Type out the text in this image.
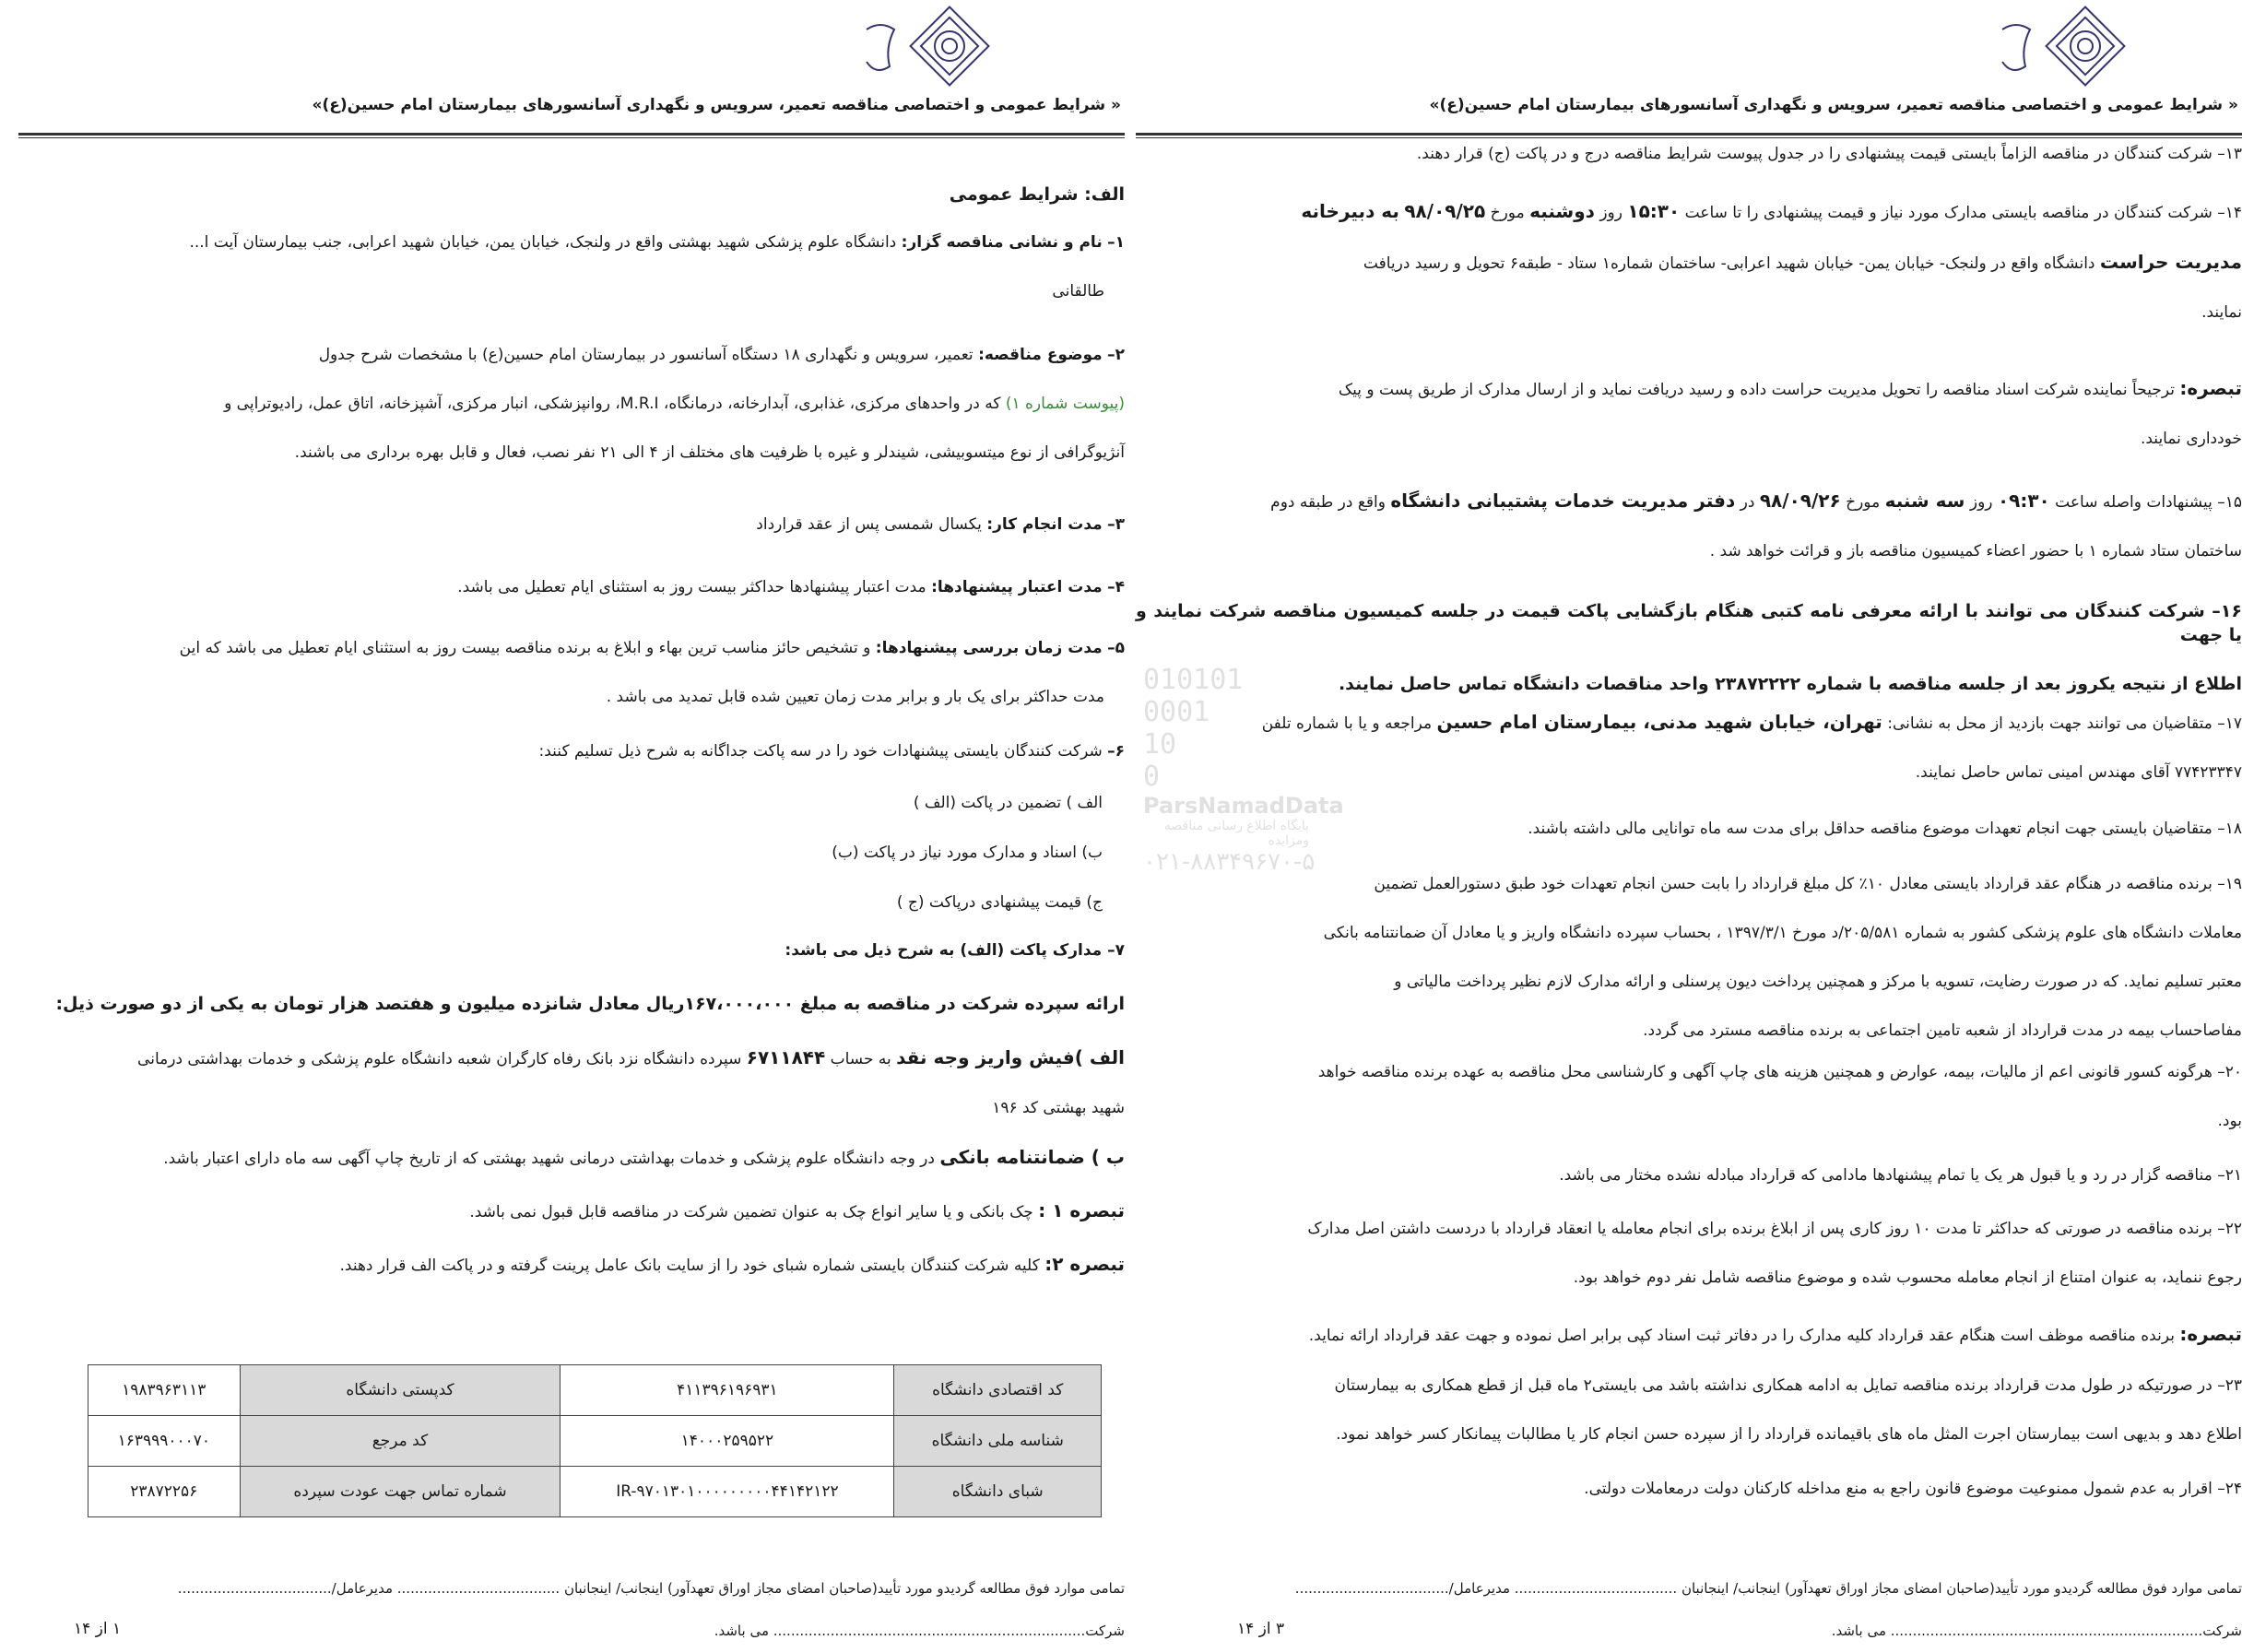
« شرایط عمومی و اختصاصی مناقصه تعمیر، سرویس و نگهداری آسانسورهای بیمارستان امام حسین(ع)»
الف: شرایط عمومی
۱– نام و نشانی مناقصه گزار: دانشگاه علوم پزشکی شهید بهشتی واقع در ولنجک، خیابان یمن، خیابان شهید اعرابی، جنب بیمارستان آیت ا...
طالقانی
۲– موضوع مناقصه: تعمیر، سرویس و نگهداری ۱۸ دستگاه آسانسور در بیمارستان امام حسین(ع) با مشخصات شرح جدول
(پیوست شماره ۱) که در واحدهای مرکزی، غذابری، آبدارخانه، درمانگاه، M.R.I، روانپزشکی، انبار مرکزی، آشپزخانه، اتاق عمل، رادیوتراپی و
آنژیوگرافی از نوع میتسوبیشی، شیندلر و غیره با ظرفیت های مختلف از ۴ الی ۲۱ نفر نصب، فعال و قابل بهره برداری می باشند.
۳– مدت انجام کار: یکسال شمسی پس از عقد قرارداد
۴– مدت اعتبار پیشنهادها: مدت اعتبار پیشنهادها حداکثر بیست روز به استثنای ایام تعطیل می باشد.
۵– مدت زمان بررسی پیشنهادها: و تشخیص حائز مناسب ترین بهاء و ابلاغ به برنده مناقصه بیست روز به استثنای ایام تعطیل می باشد که این
مدت حداکثر برای یک بار و برابر مدت زمان تعیین شده قابل تمدید می باشد .
۶– شرکت کنندگان بایستی پیشنهادات خود را در سه پاکت جداگانه به شرح ذیل تسلیم کنند:
الف ) تضمین در پاکت (الف )
ب) اسناد و مدارک مورد نیاز در پاکت (ب)
ج) قیمت پیشنهادی درپاکت (ج )
۷– مدارک پاکت (الف) به شرح ذیل می باشد:
ارائه سپرده شرکت در مناقصه به مبلغ ۱۶۷،۰۰۰،۰۰۰ریال معادل شانزده میلیون و هفتصد هزار تومان به یکی از دو صورت ذیل:
الف )فیش واریز وجه نقد به حساب ۶۷۱۱۸۴۴ سپرده دانشگاه نزد بانک رفاه کارگران شعبه دانشگاه علوم پزشکی و خدمات بهداشتی درمانی
شهید بهشتی کد ۱۹۶
ب ) ضمانتنامه بانکی در وجه دانشگاه علوم پزشکی و خدمات بهداشتی درمانی شهید بهشتی که از تاریخ چاپ آگهی سه ماه دارای اعتبار باشد.
تبصره ۱ : چک بانکی و یا سایر انواع چک به عنوان تضمین شرکت در مناقصه قابل قبول نمی باشد.
تبصره ۲: کلیه شرکت کنندگان بایستی شماره شبای خود را از سایت بانک عامل پرینت گرفته و در پاکت الف قرار دهند.
کد اقتصادی دانشگاه	۴۱۱۳۹۶۱۹۶۹۳۱	کدپستی دانشگاه	۱۹۸۳۹۶۳۱۱۳
شناسه ملی دانشگاه	۱۴۰۰۰۲۵۹۵۲۲	کد مرجع	۱۶۳۹۹۹۰۰۰۷۰
شبای دانشگاه	IR-۹۷۰۱۳۰۱۰۰۰۰۰۰۰۰۰۴۴۱۴۲۱۲۲	شماره تماس جهت عودت سپرده	۲۳۸۷۲۲۵۶
تمامی موارد فوق مطالعه گردیدو مورد تأیید(صاحبان امضای مجاز اوراق تعهدآور) اینجانب/ اینجانبان ..................................... مدیرعامل/...................................
شرکت....................................................................... می باشد.
۱ از ۱۴
« شرایط عمومی و اختصاصی مناقصه تعمیر، سرویس و نگهداری آسانسورهای بیمارستان امام حسین(ع)»
۱۳– شرکت کنندگان در مناقصه الزاماً بایستی قیمت پیشنهادی را در جدول پیوست شرایط مناقصه درج و در پاکت (ج) قرار دهند.
۱۴– شرکت کنندگان در مناقصه بایستی مدارک مورد نیاز و قیمت پیشنهادی را تا ساعت ۱۵:۳۰ روز دوشنبه مورخ ۹۸/۰۹/۲۵ به دبیرخانه
مدیریت حراست دانشگاه واقع در ولنجک- خیابان یمن- خیابان شهید اعرابی- ساختمان شماره۱ ستاد - طبقه۶ تحویل و رسید دریافت
نمایند.
تبصره: ترجیحاً نماینده شرکت اسناد مناقصه را تحویل مدیریت حراست داده و رسید دریافت نماید و از ارسال مدارک از طریق پست و پیک
خودداری نمایند.
۱۵– پیشنهادات واصله ساعت ۰۹:۳۰ روز سه شنبه مورخ ۹۸/۰۹/۲۶ در دفتر مدیریت خدمات پشتیبانی دانشگاه واقع در طبقه دوم
ساختمان ستاد شماره ۱ با حضور اعضاء کمیسیون مناقصه باز و قرائت خواهد شد .
۱۶– شرکت کنندگان می توانند با ارائه معرفی نامه کتبی هنگام بازگشایی پاکت قیمت در جلسه کمیسیون مناقصه شرکت نمایند و یا جهت
اطلاع از نتیجه یکروز بعد از جلسه مناقصه با شماره ۲۳۸۷۲۲۲۲ واحد مناقصات دانشگاه تماس حاصل نمایند.
۱۷– متقاضیان می توانند جهت بازدید از محل به نشانی: تهران، خیابان شهید مدنی، بیمارستان امام حسین مراجعه و یا با شماره تلفن
۷۷۴۲۳۳۴۷ آقای مهندس امینی تماس حاصل نمایند.
۱۸– متقاضیان بایستی جهت انجام تعهدات موضوع مناقصه حداقل برای مدت سه ماه توانایی مالی داشته باشند.
۱۹– برنده مناقصه در هنگام عقد قرارداد بایستی معادل ۱۰٪ کل مبلغ قرارداد را بابت حسن انجام تعهدات خود طبق دستورالعمل تضمین
معاملات دانشگاه های علوم پزشکی کشور به شماره ۲۰۵/۵۸۱/د مورخ ۱۳۹۷/۳/۱ ، بحساب سپرده دانشگاه واریز و یا معادل آن ضمانتنامه بانکی
معتبر تسلیم نماید. که در صورت رضایت، تسویه با مرکز و همچنین پرداخت دیون پرسنلی و ارائه مدارک لازم نظیر پرداخت مالیاتی و
مفاصاحساب بیمه در مدت قرارداد از شعبه تامین اجتماعی به برنده مناقصه مسترد می گردد.
۲۰– هرگونه کسور قانونی اعم از مالیات، بیمه، عوارض و همچنین هزینه های چاپ آگهی و کارشناسی محل مناقصه به عهده برنده مناقصه خواهد
بود.
۲۱– مناقصه گزار در رد و یا قبول هر یک یا تمام پیشنهادها مادامی که قرارداد مبادله نشده مختار می باشد.
۲۲– برنده مناقصه در صورتی که حداکثر تا مدت ۱۰ روز کاری پس از ابلاغ برنده برای انجام معامله یا انعقاد قرارداد با دردست داشتن اصل مدارک
رجوع ننماید، به عنوان امتناع از انجام معامله محسوب شده و موضوع مناقصه شامل نفر دوم خواهد بود.
تبصره: برنده مناقصه موظف است هنگام عقد قرارداد کلیه مدارک را در دفاتر ثبت اسناد کپی برابر اصل نموده و جهت عقد قرارداد ارائه نماید.
۲۳– در صورتیکه در طول مدت قرارداد برنده مناقصه تمایل به ادامه همکاری نداشته باشد می بایستی۲ ماه قبل از قطع همکاری به بیمارستان
اطلاع دهد و بدیهی است بیمارستان اجرت المثل ماه های باقیمانده قرارداد را از سپرده حسن انجام کار یا مطالبات پیمانکار کسر خواهد نمود.
۲۴– اقرار به عدم شمول ممنوعیت موضوع قانون راجع به منع مداخله کارکنان دولت درمعاملات دولتی.
تمامی موارد فوق مطالعه گردیدو مورد تأیید(صاحبان امضای مجاز اوراق تعهدآور) اینجانب/ اینجانبان ..................................... مدیرعامل/...................................
شرکت....................................................................... می باشد.
۳ از ۱۴
010101
0001
10
0
ParsNamadData
پایگاه اطلاع رسانی مناقصه ومزایده
۰۲۱-۸۸۳۴۹۶۷۰-۵
